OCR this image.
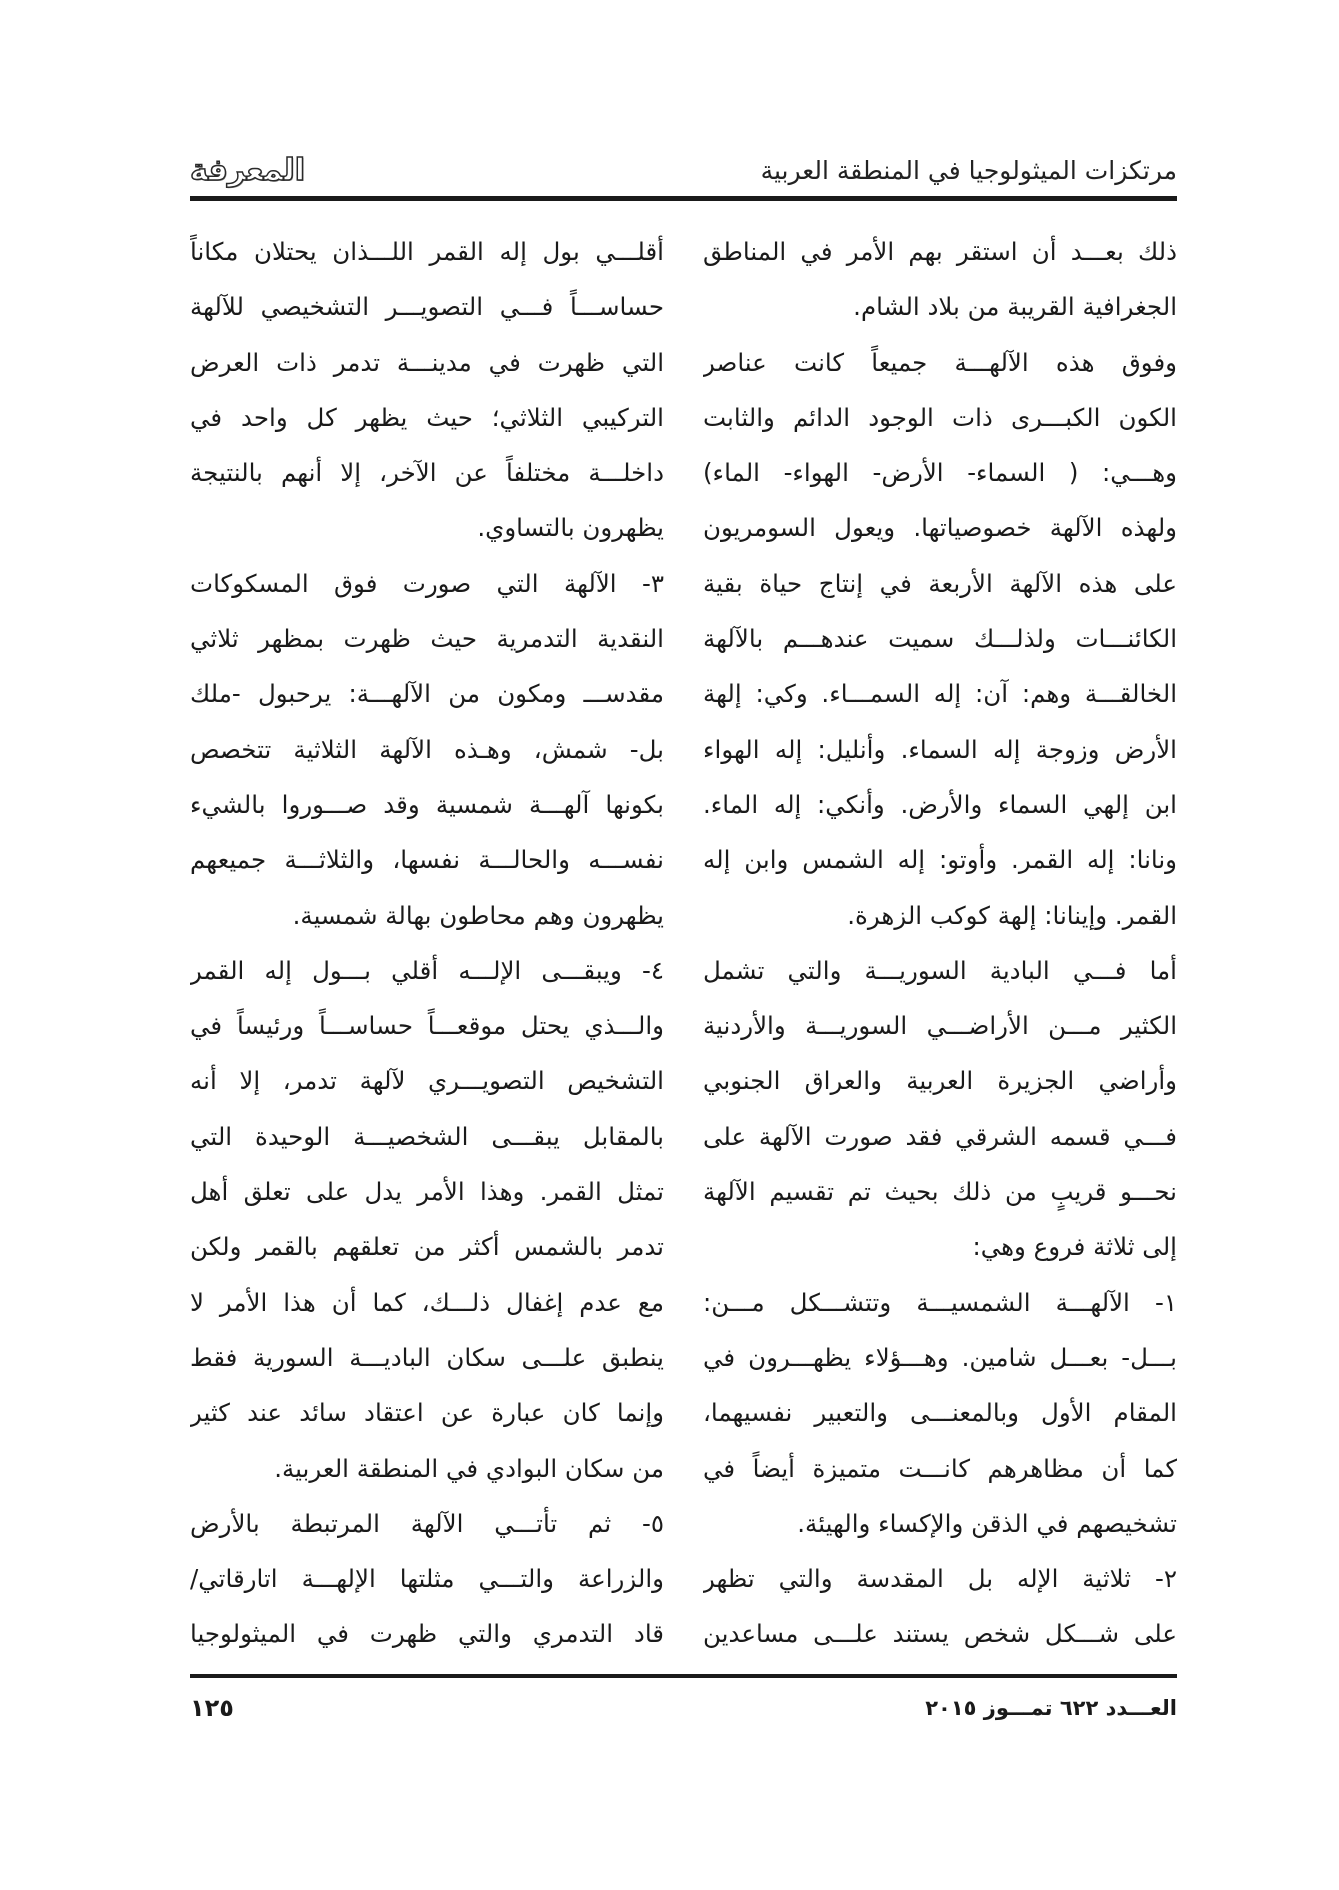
مرتكزات الميثولوجيا في المنطقة العربية
المعرفة
ذلك بعـــد أن استقر بهم الأمر في المناطق
الجغرافية القريبة من بلاد الشام.
وفوق هذه الآلهـــة جميعاً كانت عناصر
الكون الكبـــرى ذات الوجود الدائم والثابت
وهـــي: ( السماء- الأرض- الهواء- الماء)
ولهذه الآلهة خصوصياتها. ويعول السومريون
على هذه الآلهة الأربعة في إنتاج حياة بقية
الكائنـــات ولذلـــك سميت عندهـــم بالآلهة
الخالقـــة وهم: آن: إله السمـــاء. وكي: إلهة
الأرض وزوجة إله السماء. وأنليل: إله الهواء
ابن إلهي السماء والأرض. وأنكي: إله الماء.
ونانا: إله القمر. وأوتو: إله الشمس وابن إله
القمر. وإينانا: إلهة كوكب الزهرة.
أما فـــي البادية السوريـــة والتي تشمل
الكثير مـــن الأراضـــي السوريـــة والأردنية
وأراضي الجزيرة العربية والعراق الجنوبي
فـــي قسمه الشرقي فقد صورت الآلهة على
نحـــو قريبٍ من ذلك بحيث تم تقسيم الآلهة
إلى ثلاثة فروع وهي:
١- الآلهـــة الشمسيـــة وتتشـــكل مـــن:
بـــل- بعـــل شامين. وهـــؤلاء يظهـــرون في
المقام الأول وبالمعنـــى والتعبير نفسيهما،
كما أن مظاهرهم كانـــت متميزة أيضاً في
تشخيصهم في الذقن والإكساء والهيئة.
٢- ثلاثية الإله بل المقدسة والتي تظهر
على شـــكل شخص يستند علـــى مساعدين
أقلـــي بول إله القمر اللـــذان يحتلان مكاناً
حساســـاً فـــي التصويـــر التشخيصي للآلهة
التي ظهرت في مدينـــة تدمر ذات العرض
التركيبي الثلاثي؛ حيث يظهر كل واحد في
داخلـــة مختلفاً عن الآخر، إلا أنهم بالنتيجة
يظهرون بالتساوي.
٣- الآلهة التي صورت فوق المسكوكات
النقدية التدمرية حيث ظهرت بمظهر ثلاثي
مقدســـ ومكون من الآلهـــة: يرحبول -ملك
بل- شمش، وهـذه الآلهة الثلاثية تتخصص
بكونها آلهـــة شمسية وقد صـــوروا بالشيء
نفســـه والحالـــة نفسها، والثلاثـــة جميعهم
يظهرون وهم محاطون بهالة شمسية.
٤- ويبقـــى الإلـــه أقلي بـــول إله القمر
والـــذي يحتل موقعـــاً حساســـاً ورئيساً في
التشخيص التصويـــري لآلهة تدمر، إلا أنه
بالمقابل يبقـــى الشخصيـــة الوحيدة التي
تمثل القمر. وهذا الأمر يدل على تعلق أهل
تدمر بالشمس أكثر من تعلقهم بالقمر ولكن
مع عدم إغفال ذلـــك، كما أن هذا الأمر لا
ينطبق علـــى سكان الباديـــة السورية فقط
وإنما كان عبارة عن اعتقاد سائد عند كثير
من سكان البوادي في المنطقة العربية.
٥- ثم تأتـــي الآلهة المرتبطة بالأرض
والزراعة والتـــي مثلتها الإلهـــة اتارقاتي/
قاد التدمري والتي ظهرت في الميثولوجيا
العـــدد ٦٢٢ تمـــوز ٢٠١٥
١٢٥
